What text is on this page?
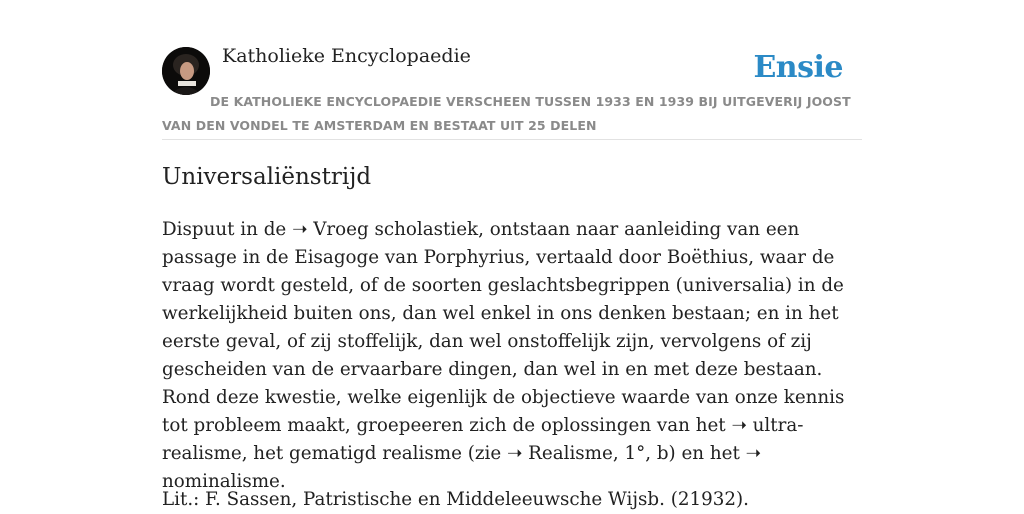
Katholieke Encyclopaedie	Ensie
DE KATHOLIEKE ENCYCLOPAEDIE VERSCHEEN TUSSEN 1933 EN 1939 BIJ UITGEVERIJ JOOST VAN DEN VONDEL TE AMSTERDAM EN BESTAAT UIT 25 DELEN
Universaliënstrijd

Dispuut in de ➝ Vroeg scholastiek, ontstaan naar aanleiding van een passage in de Eisagoge van Porphyrius, vertaald door Boëthius, waar de vraag wordt gesteld, of de soorten geslachtsbegrippen (universalia) in de werkelijkheid buiten ons, dan wel enkel in ons denken bestaan; en in het eerste geval, of zij stoffelijk, dan wel onstoffelijk zijn, vervolgens of zij gescheiden van de ervaarbare dingen, dan wel in en met deze bestaan. Rond deze kwestie, welke eigenlijk de objectieve waarde van onze kennis tot probleem maakt, groepeeren zich de oplossingen van het ➝ ultra-realisme, het gematigd realisme (zie ➝ Realisme, 1°, b) en het ➝ nominalisme.

Lit.: F. Sassen, Patristische en Middeleeuwsche Wijsb. (21932).
